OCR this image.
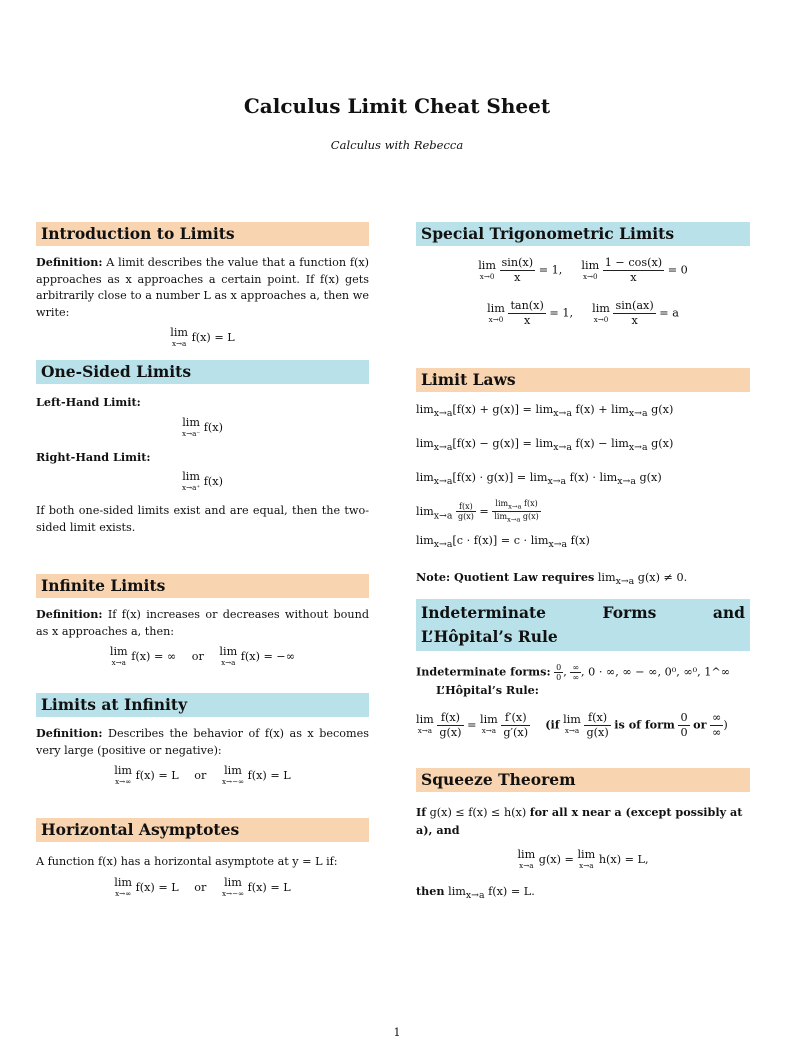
Calculus Limit Cheat Sheet
Calculus with Rebecca
Introduction to Limits
Definition: A limit describes the value that a function f(x) approaches as x approaches a certain point. If f(x) gets arbitrarily close to a number L as x approaches a, then we write:
lim
x→a f(x) = L
One-Sided Limits
Left-Hand Limit:
lim
x→a⁻ f(x)
Right-Hand Limit:
lim
x→a⁺ f(x)
If both one-sided limits exist and are equal, then the two-sided limit exists.
Infinite Limits
Definition: If f(x) increases or decreases without bound as x approaches a, then:
lim
x→a f(x) = ∞ or lim
x→a f(x) = −∞
Limits at Infinity
Definition: Describes the behavior of f(x) as x becomes very large (positive or negative):
lim
x→∞ f(x) = L or lim
x→−∞ f(x) = L
Horizontal Asymptotes
A function f(x) has a horizontal asymptote at y = L if:
lim
x→∞ f(x) = L or lim
x→−∞ f(x) = L
Special Trigonometric Limits
lim
x→0
$\frac{\sin(x)}{x} = 1$, lim
x→0
$\frac{1 - \cos(x)}{x} = 0$
lim
x→0
$\frac{\tan(x)}{x} = 1$, lim
x→0
$\frac{\sin(ax)}{x} = a$
Limit Laws
$\lim_{x\to a}[f(x) + g(x)] = \lim_{x\to a} f(x) + \lim_{x\to a} g(x)$
$\lim_{x\to a}[f(x) - g(x)] = \lim_{x\to a} f(x) - \lim_{x\to a} g(x)$
$\lim_{x\to a}[f(x) \cdot g(x)] = \lim_{x\to a} f(x) \cdot \lim_{x\to a} g(x)$
$\lim_{x\to a} \frac{f(x)}{g(x)} = \frac{\lim_{x\to a} f(x)}{\lim_{x\to a} g(x)}$
$\lim_{x\to a}[c \cdot f(x)] = c \cdot \lim_{x\to a} f(x)$
Note: Quotient Law requires $\lim_{x\to a} g(x) \ne 0$.
Indeterminate	Forms	and
L’Hôpital’s Rule
Indeterminate forms: $\frac{0}{0}$ , $\frac{\infty}{\infty}$ , 0 · ∞, ∞ − ∞, 0⁰, ∞⁰, 1^∞
L’Hôpital’s Rule:
lim
x→a
$\frac{f(x)}{g(x)} = \lim$
x→a
$\frac{f'(x)}{g'(x)} (if$ lim
x→a
$\frac{f(x)}{g(x)}$ is of form $\frac{0}{0}$ or $\frac{\infty}{\infty}$ )
Squeeze Theorem
If g(x) ≤ f(x) ≤ h(x) for all x near a (except possibly at a), and
lim
x→a g(x) = lim
x→a h(x) = L,
then $\lim_{x\to a} f(x) = L$.
1
